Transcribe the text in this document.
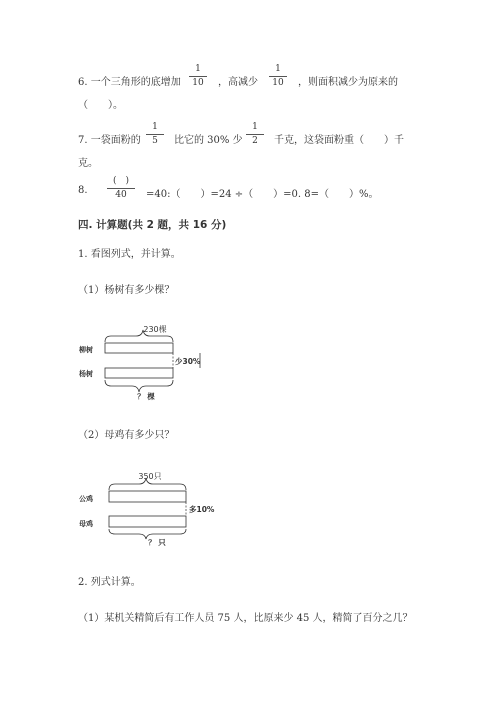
6. 一个三角形的底增加
1
10	，高减少
1
10	，则面积减少为原来的
（　　）。
7. 一袋面粉的
1
5	比它的 30% 少
1
2	千克，这袋面粉重（　　）千
克。
8.
(　)
40	=40:（　　）=24 ÷（　　）=0. 8=（　　）%。
四. 计算题(共 2 题，共 16 分)
1. 看图列式，并计算。
（1）杨树有多少棵？
230棵
柳树
杨树
少30%
？ 棵
（2）母鸡有多少只？
350只
公鸡
母鸡
多10%
？ 只
2. 列式计算。
（1）某机关精简后有工作人员 75 人，比原来少 45 人，精简了百分之几？
